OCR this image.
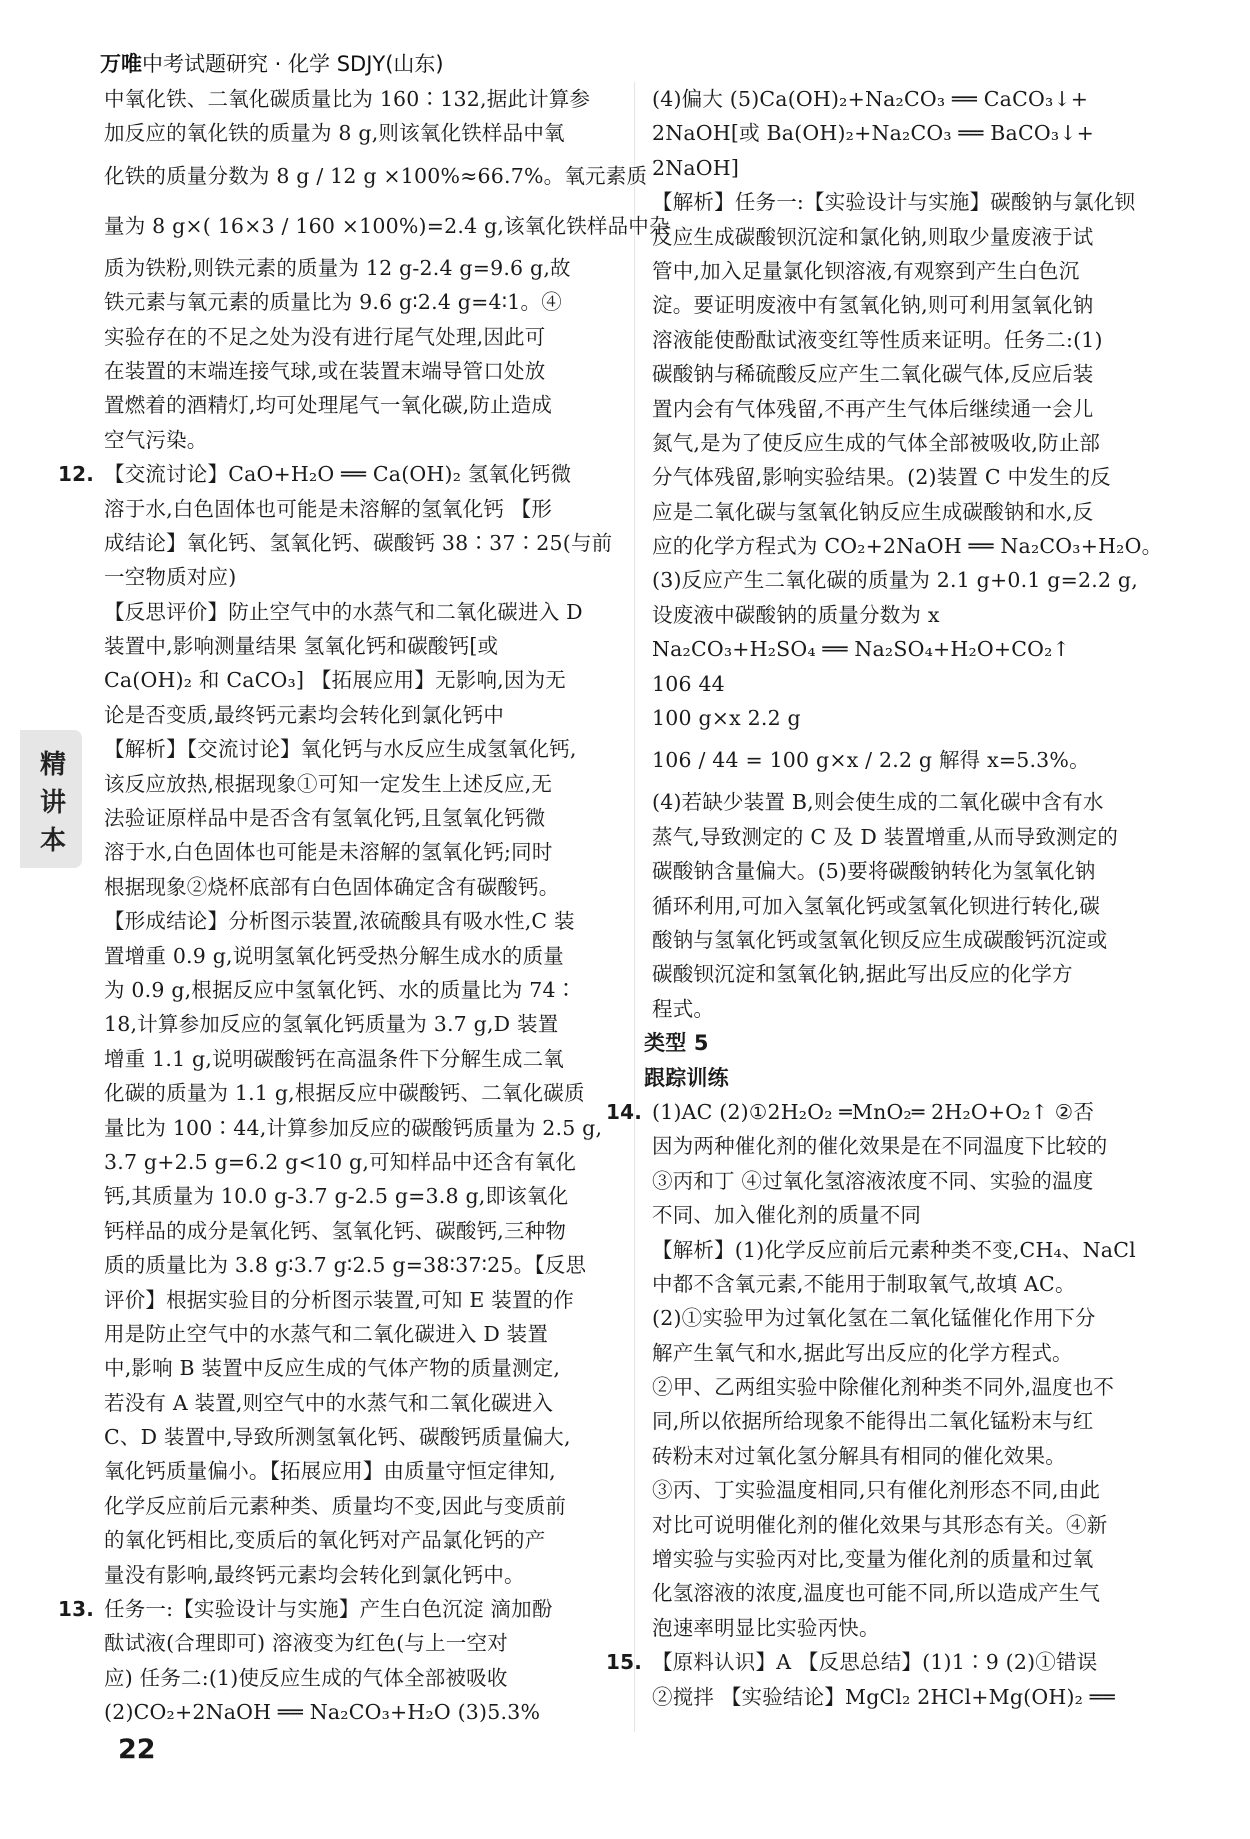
万唯中考试题研究 · 化学 SDJY(山东)
精
讲
本
中氧化铁、二氧化碳质量比为 160∶132,据此计算参
加反应的氧化铁的质量为 8 g,则该氧化铁样品中氧
化铁的质量分数为 8 g / 12 g ×100%≈66.7%。氧元素质
量为 8 g×( 16×3 / 160 ×100%)=2.4 g,该氧化铁样品中杂
质为铁粉,则铁元素的质量为 12 g-2.4 g=9.6 g,故
铁元素与氧元素的质量比为 9.6 g∶2.4 g=4∶1。④
实验存在的不足之处为没有进行尾气处理,因此可
在装置的末端连接气球,或在装置末端导管口处放
置燃着的酒精灯,均可处理尾气一氧化碳,防止造成
空气污染。
12. 【交流讨论】CaO+H₂O ══ Ca(OH)₂ 氢氧化钙微
溶于水,白色固体也可能是未溶解的氢氧化钙 【形
成结论】氧化钙、氢氧化钙、碳酸钙 38∶37∶25(与前
一空物质对应)
【反思评价】防止空气中的水蒸气和二氧化碳进入 D
装置中,影响测量结果 氢氧化钙和碳酸钙[或
Ca(OH)₂ 和 CaCO₃] 【拓展应用】无影响,因为无
论是否变质,最终钙元素均会转化到氯化钙中
【解析】【交流讨论】氧化钙与水反应生成氢氧化钙,
该反应放热,根据现象①可知一定发生上述反应,无
法验证原样品中是否含有氢氧化钙,且氢氧化钙微
溶于水,白色固体也可能是未溶解的氢氧化钙;同时
根据现象②烧杯底部有白色固体确定含有碳酸钙。
【形成结论】分析图示装置,浓硫酸具有吸水性,C 装
置增重 0.9 g,说明氢氧化钙受热分解生成水的质量
为 0.9 g,根据反应中氢氧化钙、水的质量比为 74∶
18,计算参加反应的氢氧化钙质量为 3.7 g,D 装置
增重 1.1 g,说明碳酸钙在高温条件下分解生成二氧
化碳的质量为 1.1 g,根据反应中碳酸钙、二氧化碳质
量比为 100∶44,计算参加反应的碳酸钙质量为 2.5 g,
3.7 g+2.5 g=6.2 g<10 g,可知样品中还含有氧化
钙,其质量为 10.0 g-3.7 g-2.5 g=3.8 g,即该氧化
钙样品的成分是氧化钙、氢氧化钙、碳酸钙,三种物
质的质量比为 3.8 g∶3.7 g∶2.5 g=38∶37∶25。【反思
评价】根据实验目的分析图示装置,可知 E 装置的作
用是防止空气中的水蒸气和二氧化碳进入 D 装置
中,影响 B 装置中反应生成的气体产物的质量测定,
若没有 A 装置,则空气中的水蒸气和二氧化碳进入
C、D 装置中,导致所测氢氧化钙、碳酸钙质量偏大,
氧化钙质量偏小。【拓展应用】由质量守恒定律知,
化学反应前后元素种类、质量均不变,因此与变质前
的氧化钙相比,变质后的氧化钙对产品氯化钙的产
量没有影响,最终钙元素均会转化到氯化钙中。
13. 任务一:【实验设计与实施】产生白色沉淀 滴加酚
酞试液(合理即可) 溶液变为红色(与上一空对
应) 任务二:(1)使反应生成的气体全部被吸收
(2)CO₂+2NaOH ══ Na₂CO₃+H₂O (3)5.3%
(4)偏大 (5)Ca(OH)₂+Na₂CO₃ ══ CaCO₃↓+
2NaOH[或 Ba(OH)₂+Na₂CO₃ ══ BaCO₃↓+
2NaOH]
【解析】任务一:【实验设计与实施】碳酸钠与氯化钡
反应生成碳酸钡沉淀和氯化钠,则取少量废液于试
管中,加入足量氯化钡溶液,有观察到产生白色沉
淀。要证明废液中有氢氧化钠,则可利用氢氧化钠
溶液能使酚酞试液变红等性质来证明。任务二:(1)
碳酸钠与稀硫酸反应产生二氧化碳气体,反应后装
置内会有气体残留,不再产生气体后继续通一会儿
氮气,是为了使反应生成的气体全部被吸收,防止部
分气体残留,影响实验结果。(2)装置 C 中发生的反
应是二氧化碳与氢氧化钠反应生成碳酸钠和水,反
应的化学方程式为 CO₂+2NaOH ══ Na₂CO₃+H₂O。
(3)反应产生二氧化碳的质量为 2.1 g+0.1 g=2.2 g,
设废液中碳酸钠的质量分数为 x
Na₂CO₃+H₂SO₄ ══ Na₂SO₄+H₂O+CO₂↑
106 44
100 g×x 2.2 g
106 / 44 = 100 g×x / 2.2 g 解得 x=5.3%。
(4)若缺少装置 B,则会使生成的二氧化碳中含有水
蒸气,导致测定的 C 及 D 装置增重,从而导致测定的
碳酸钠含量偏大。(5)要将碳酸钠转化为氢氧化钠
循环利用,可加入氢氧化钙或氢氧化钡进行转化,碳
酸钠与氢氧化钙或氢氧化钡反应生成碳酸钙沉淀或
碳酸钡沉淀和氢氧化钠,据此写出反应的化学方
程式。
类型 5
跟踪训练
14. (1)AC (2)①2H₂O₂ ═MnO₂═ 2H₂O+O₂↑ ②否
因为两种催化剂的催化效果是在不同温度下比较的
③丙和丁 ④过氧化氢溶液浓度不同、实验的温度
不同、加入催化剂的质量不同
【解析】(1)化学反应前后元素种类不变,CH₄、NaCl
中都不含氧元素,不能用于制取氧气,故填 AC。
(2)①实验甲为过氧化氢在二氧化锰催化作用下分
解产生氧气和水,据此写出反应的化学方程式。
②甲、乙两组实验中除催化剂种类不同外,温度也不
同,所以依据所给现象不能得出二氧化锰粉末与红
砖粉末对过氧化氢分解具有相同的催化效果。
③丙、丁实验温度相同,只有催化剂形态不同,由此
对比可说明催化剂的催化效果与其形态有关。④新
增实验与实验丙对比,变量为催化剂的质量和过氧
化氢溶液的浓度,温度也可能不同,所以造成产生气
泡速率明显比实验丙快。
15. 【原料认识】A 【反思总结】(1)1∶9 (2)①错误
②搅拌 【实验结论】MgCl₂ 2HCl+Mg(OH)₂ ══
22
